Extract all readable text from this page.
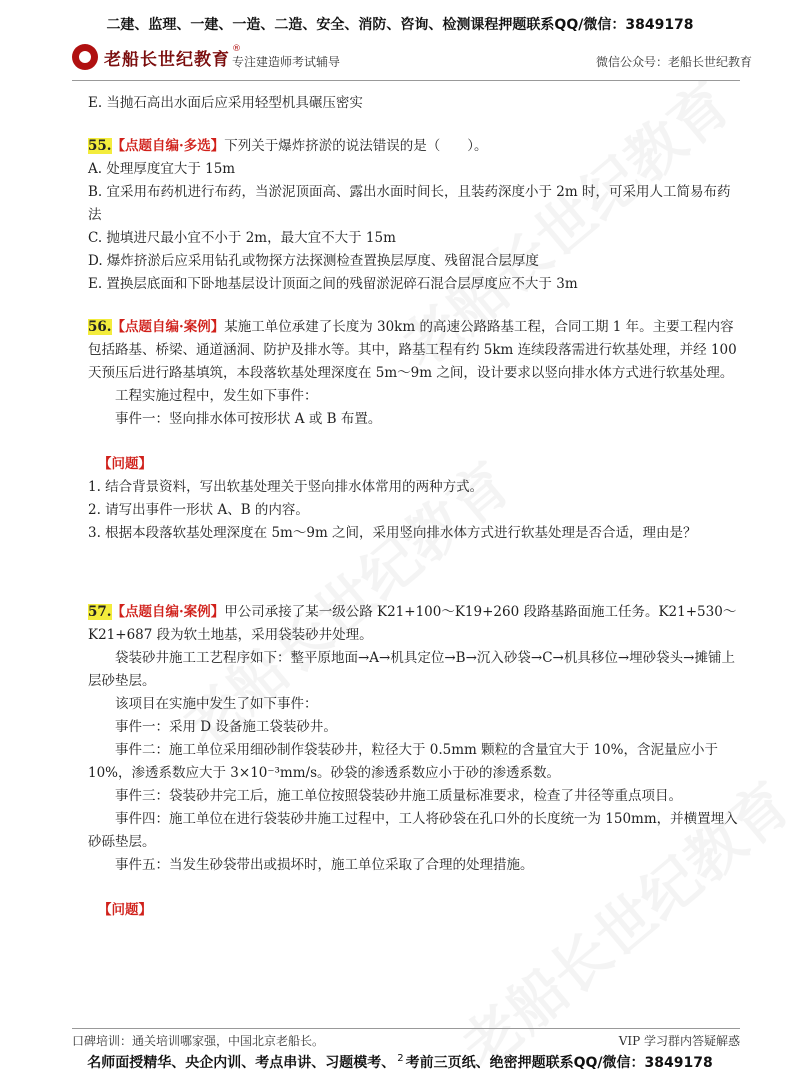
二建、监理、一建、一造、二造、安全、消防、咨询、检测课程押题联系QQ/微信：3849178
老船长世纪教育
®
专注建造师考试辅导	微信公众号：老船长世纪教育

E. 当抛石高出水面后应采用轻型机具碾压密实

55.【点题自编·多选】下列关于爆炸挤淤的说法错误的是（　　）。

A. 处理厚度宜大于 15m

B. 宜采用布药机进行布药，当淤泥顶面高、露出水面时间长，且装药深度小于 2m 时，可采用人工简易布药法

C. 抛填进尺最小宜不小于 2m，最大宜不大于 15m

D. 爆炸挤淤后应采用钻孔或物探方法探测检查置换层厚度、残留混合层厚度

E. 置换层底面和下卧地基层设计顶面之间的残留淤泥碎石混合层厚度应不大于 3m

56.【点题自编·案例】某施工单位承建了长度为 30km 的高速公路路基工程，合同工期 1 年。主要工程内容包括路基、桥梁、通道涵洞、防护及排水等。其中，路基工程有约 5km 连续段落需进行软基处理，并经 100 天预压后进行路基填筑，本段落软基处理深度在 5m～9m 之间，设计要求以竖向排水体方式进行软基处理。

工程实施过程中，发生如下事件：

事件一：竖向排水体可按形状 A 或 B 布置。

【问题】

1. 结合背景资料，写出软基处理关于竖向排水体常用的两种方式。

2. 请写出事件一形状 A、B 的内容。

3. 根据本段落软基处理深度在 5m～9m 之间，采用竖向排水体方式进行软基处理是否合适，理由是？

57.【点题自编·案例】甲公司承接了某一级公路 K21+100～K19+260 段路基路面施工任务。K21+530～K21+687 段为软土地基，采用袋装砂井处理。

袋装砂井施工工艺程序如下：整平原地面→A→机具定位→B→沉入砂袋→C→机具移位→埋砂袋头→摊铺上层砂垫层。

该项目在实施中发生了如下事件：

事件一：采用 D 设备施工袋装砂井。

事件二：施工单位采用细砂制作袋装砂井，粒径大于 0.5mm 颗粒的含量宜大于 10%，含泥量应小于 10%，渗透系数应大于 3×10⁻³mm/s。砂袋的渗透系数应小于砂的渗透系数。

事件三：袋装砂井完工后，施工单位按照袋装砂井施工质量标准要求，检查了井径等重点项目。

事件四：施工单位在进行袋装砂井施工过程中，工人将砂袋在孔口外的长度统一为 150mm，并横置埋入砂砾垫层。

事件五：当发生砂袋带出或损坏时，施工单位采取了合理的处理措施。

【问题】

口碑培训：通关培训哪家强，中国北京老船长。	VIP 学习群内答疑解惑
名师面授精华、央企内训、考点串讲、习题模考、 $^2$ 考前三页纸、绝密押题联系QQ/微信：3849178
